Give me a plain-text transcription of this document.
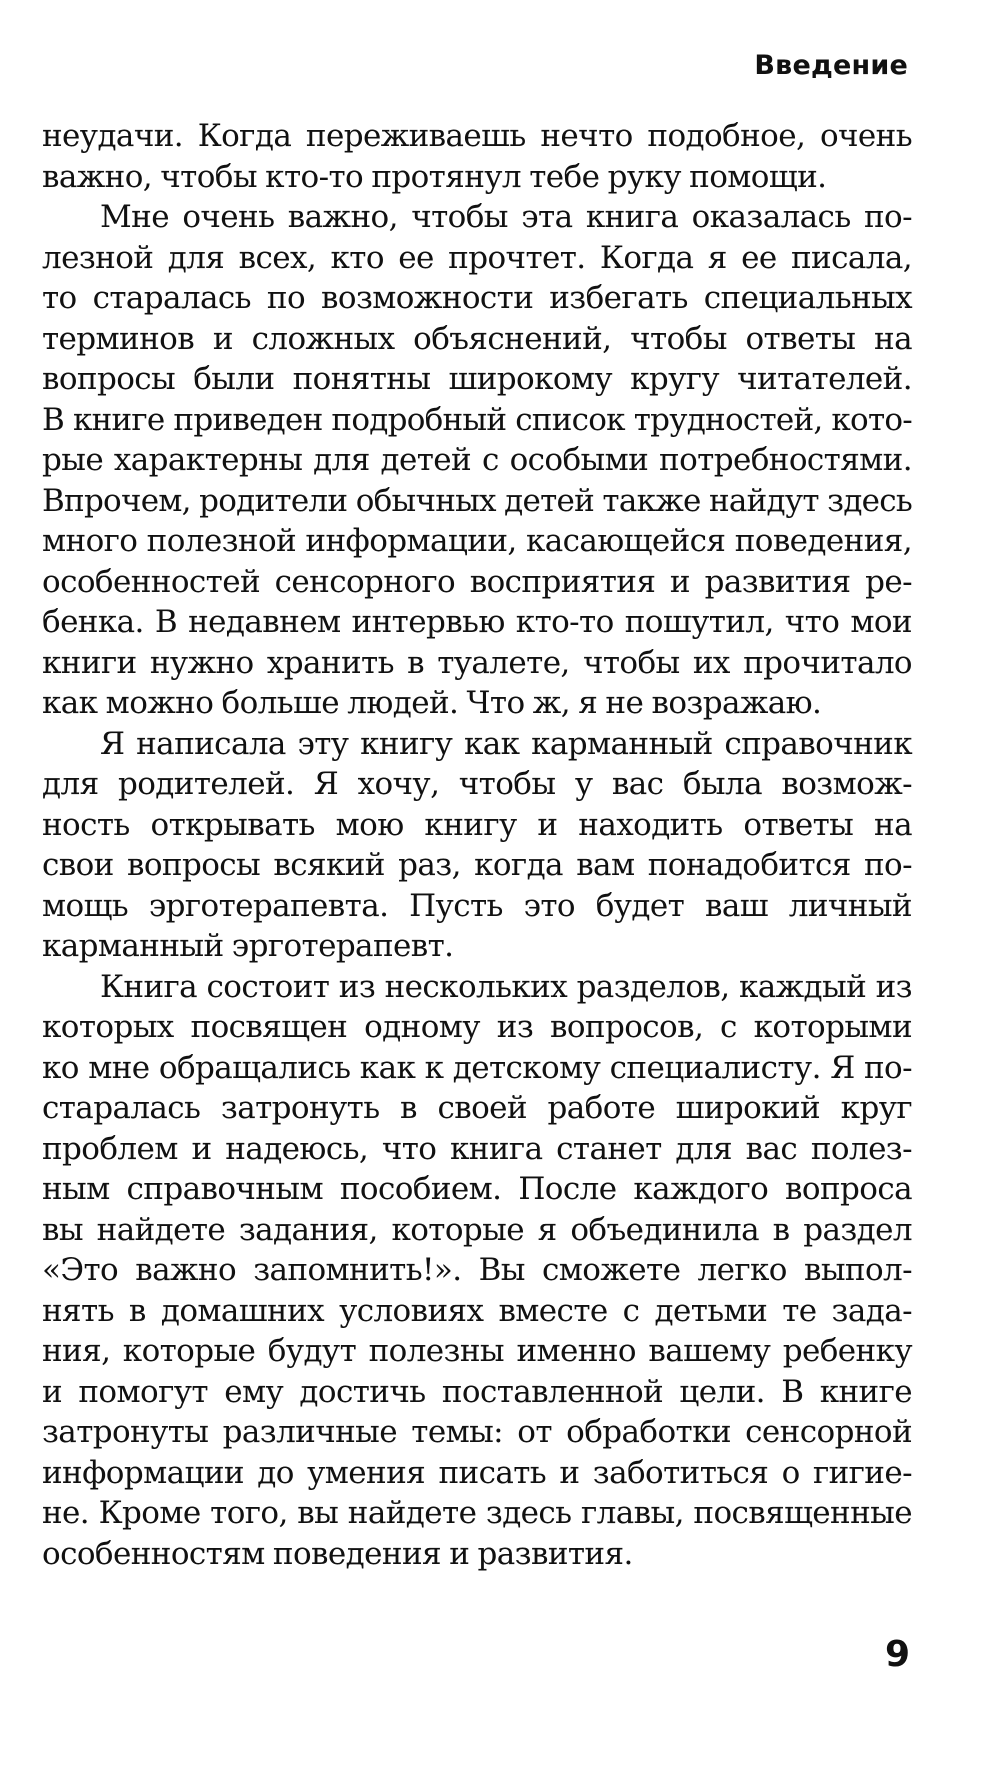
Введение
неудачи. Когда переживаешь нечто подобное, очень
важно, чтобы кто-то протянул тебе руку помощи.
Мне очень важно, чтобы эта книга оказалась по-
лезной для всех, кто ее прочтет. Когда я ее писала,
то старалась по возможности избегать специальных
терминов и сложных объяснений, чтобы ответы на
вопросы были понятны широкому кругу читателей.
В книге приведен подробный список трудностей, кото-
рые характерны для детей с особыми потребностями.
Впрочем, родители обычных детей также найдут здесь
много полезной информации, касающейся поведения,
особенностей сенсорного восприятия и развития ре-
бенка. В недавнем интервью кто-то пошутил, что мои
книги нужно хранить в туалете, чтобы их прочитало
как можно больше людей. Что ж, я не возражаю.
Я написала эту книгу как карманный справочник
для родителей. Я хочу, чтобы у вас была возмож-
ность открывать мою книгу и находить ответы на
свои вопросы всякий раз, когда вам понадобится по-
мощь эрготерапевта. Пусть это будет ваш личный
карманный эрготерапевт.
Книга состоит из нескольких разделов, каждый из
которых посвящен одному из вопросов, с которыми
ко мне обращались как к детскому специалисту. Я по-
старалась затронуть в своей работе широкий круг
проблем и надеюсь, что книга станет для вас полез-
ным справочным пособием. После каждого вопроса
вы найдете задания, которые я объединила в раздел
«Это важно запомнить!». Вы сможете легко выпол-
нять в домашних условиях вместе с детьми те зада-
ния, которые будут полезны именно вашему ребенку
и помогут ему достичь поставленной цели. В книге
затронуты различные темы: от обработки сенсорной
информации до умения писать и заботиться о гигие-
не. Кроме того, вы найдете здесь главы, посвященные
особенностям поведения и развития.
9
